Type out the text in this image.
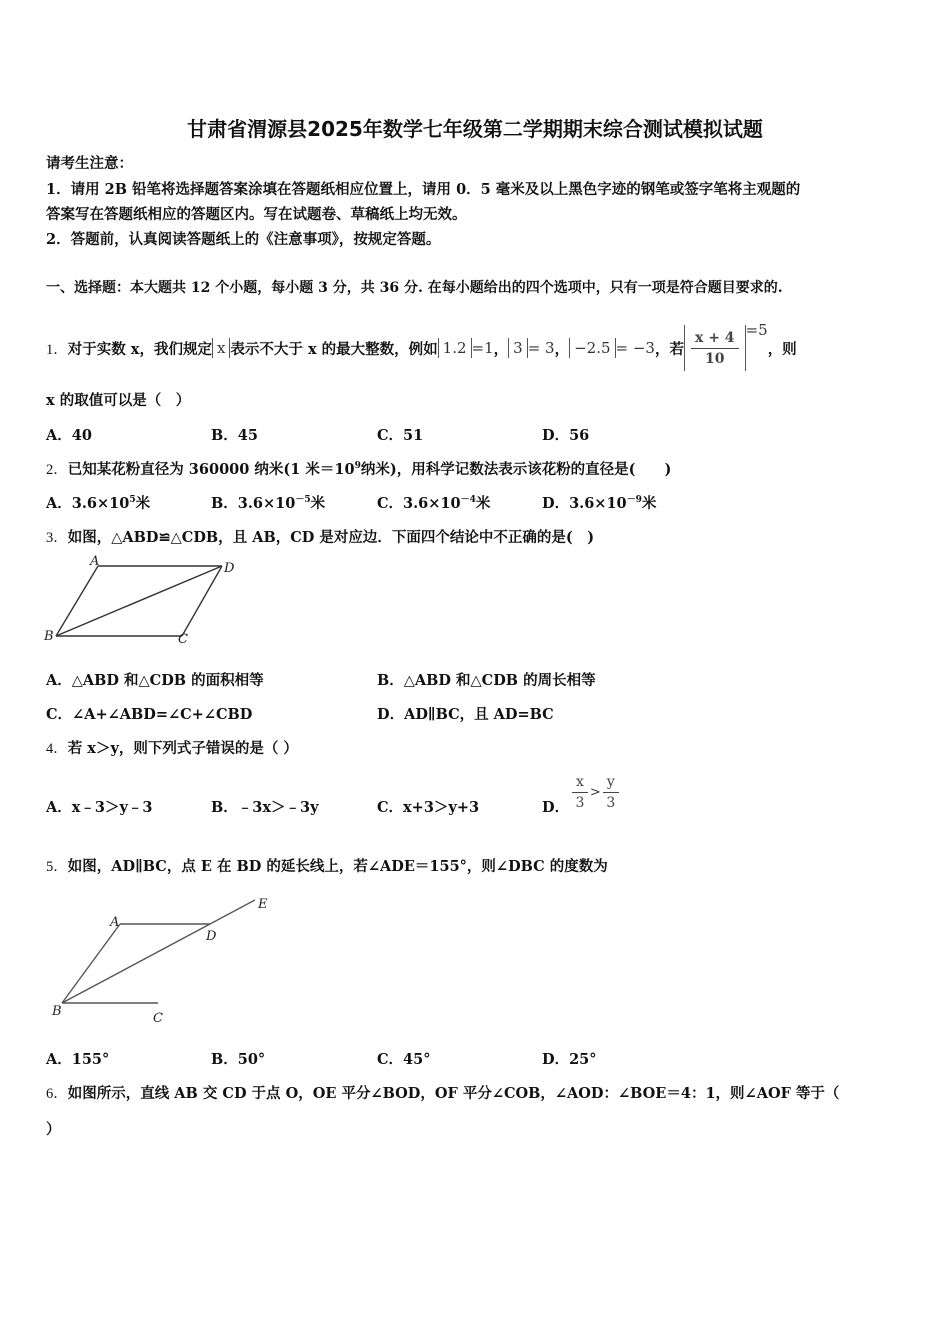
甘肃省渭源县2025年数学七年级第二学期期末综合测试模拟试题
请考生注意：
1．请用 2B 铅笔将选择题答案涂填在答题纸相应位置上，请用 0．5 毫米及以上黑色字迹的钢笔或签字笔将主观题的
答案写在答题纸相应的答题区内。写在试题卷、草稿纸上均无效。
2．答题前，认真阅读答题纸上的《注意事项》，按规定答题。
一、选择题：本大题共 12 个小题，每小题 3 分，共 36 分. 在每小题给出的四个选项中，只有一项是符合题目要求的.
1． 对于实数 x，我们规定 x 表示不大于 x 的最大整数，例如 1.2 =1 ， 3 = 3 ， −2.5 = −3 ，若 $\frac{x + 4}{10} =5$
，则
x 的取值可以是（　）
A．40	B．45	C．51	D．56
2．已知某花粉直径为 360000 纳米(1 米$=10^9$纳米)，用科学记数法表示该花粉的直径是(　　)
A．$3.6\times 10^5$米	B．$3.6\times 10^{-5}$米	C．$3.6\times 10^{-4}$米	D．$3.6\times 10^{-9}$米
3．如图，△ABD≌△CDB，且 AB，CD 是对应边．下面四个结论中不正确的是(　)
A	D
B	C
A．△ABD 和△CDB 的面积相等	B．△ABD 和△CDB 的周长相等
C．∠A+∠ABD=∠C+∠CBD	D．AD∥BC，且 AD=BC
4．若 x＞y，则下列式子错误的是（ ）
A．x﹣3＞y﹣3	B．﹣3x＞﹣3y	C．x+3＞y+3	D． $\frac{x}{3} > \frac{y}{3}$
5．如图，AD∥BC，点 E 在 BD 的延长线上，若∠ADE＝155°，则∠DBC 的度数为
A
D
E
B	C
A．155°	B．50°	C．45°	D．25°
6．如图所示，直线 AB 交 CD 于点 O，OE 平分∠BOD，OF 平分∠COB，∠AOD：∠BOE＝4：1，则∠AOF 等于（
）
